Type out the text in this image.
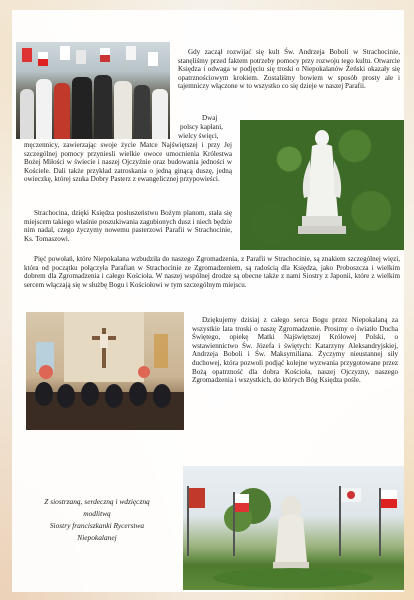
Gdy zaczął rozwijać się kult Św. Andrzeja Boboli w Strachocinie, stanęliśmy przed faktem potrzeby pomocy przy rozwoju tego kultu. Otwarcie Księdza i odwaga w podjęciu się troski o Niepokalanów Żeński okazały się opatrznościowym krokiem. Zostaliśmy bowiem w sposób prosty ale i tajemniczy włączone w to wszystko co się dzieje w naszej Parafii.

Dwaj
polscy kapłani,
wielcy święci,

męczennicy, zawierzając swoje życie Matce Najświętszej i przy Jej szczególnej pomocy przyniesli wielkie owoce umocnienia Królestwa Bożej Miłości w świecie i naszej Ojczyźnie oraz budowania jedności w Kościele. Dali także przykład zatroskania o jedną ginącą duszę, jedną owieczkę, której szuka Dobry Pasterz z ewangelicznej przypowieści.

Strachocina, dzięki Księdza posłuszeństwu Bożym planom, stała się miejscem takiego właśnie poszukiwania zagubionych dusz i niech będzie nim nadal, czego życzymy nowemu pasterzowi Parafii w Strachocinie, Ks. Tomaszowi.

Pięć powołań, które Niepokalana wzbudziła do naszego Zgromadzenia, z Parafii w Strachocinie, są znakiem szczególnej więzi, która od początku połączyła Parafian w Strachocinie ze Zgromadzeniem, są radością dla Księdza, jako Proboszcza i wielkim dobrem dla Zgromadzenia i całego Kościoła. W naszej wspólnej drodze są obecne także z nami Siostry z Japonii, które z wielkim sercem włączają się w służbę Bogu i Kościołowi w tym szczególnym miejscu.

Dziękujemy dzisiaj z całego serca Bogu przez Niepokalaną za wszystkie lata troski o naszę Zgromadzenie. Prosimy o światło Ducha Świętego, opiekę Matki Najświętszej Królowej Polski, o wstawiennictwo Św. Józefa i świętych: Katarzyny Aleksandryjskiej, Andrzeja Boboli i Św. Maksymiliana. Życzymy nieustannej siły duchowej, która pozwoli podjąć kolejne wyzwania przygotowane przez Bożą opatrzność dla dobra Kościoła, naszej Ojczyzny, naszego Zgromadzenia i wszystkich, do których Bóg Księdza pośle.

Z siostrzaną, serdeczną i wdzięczną
modlitwą
Siostry franciszkanki Rycerstwa
Niepokalanej
